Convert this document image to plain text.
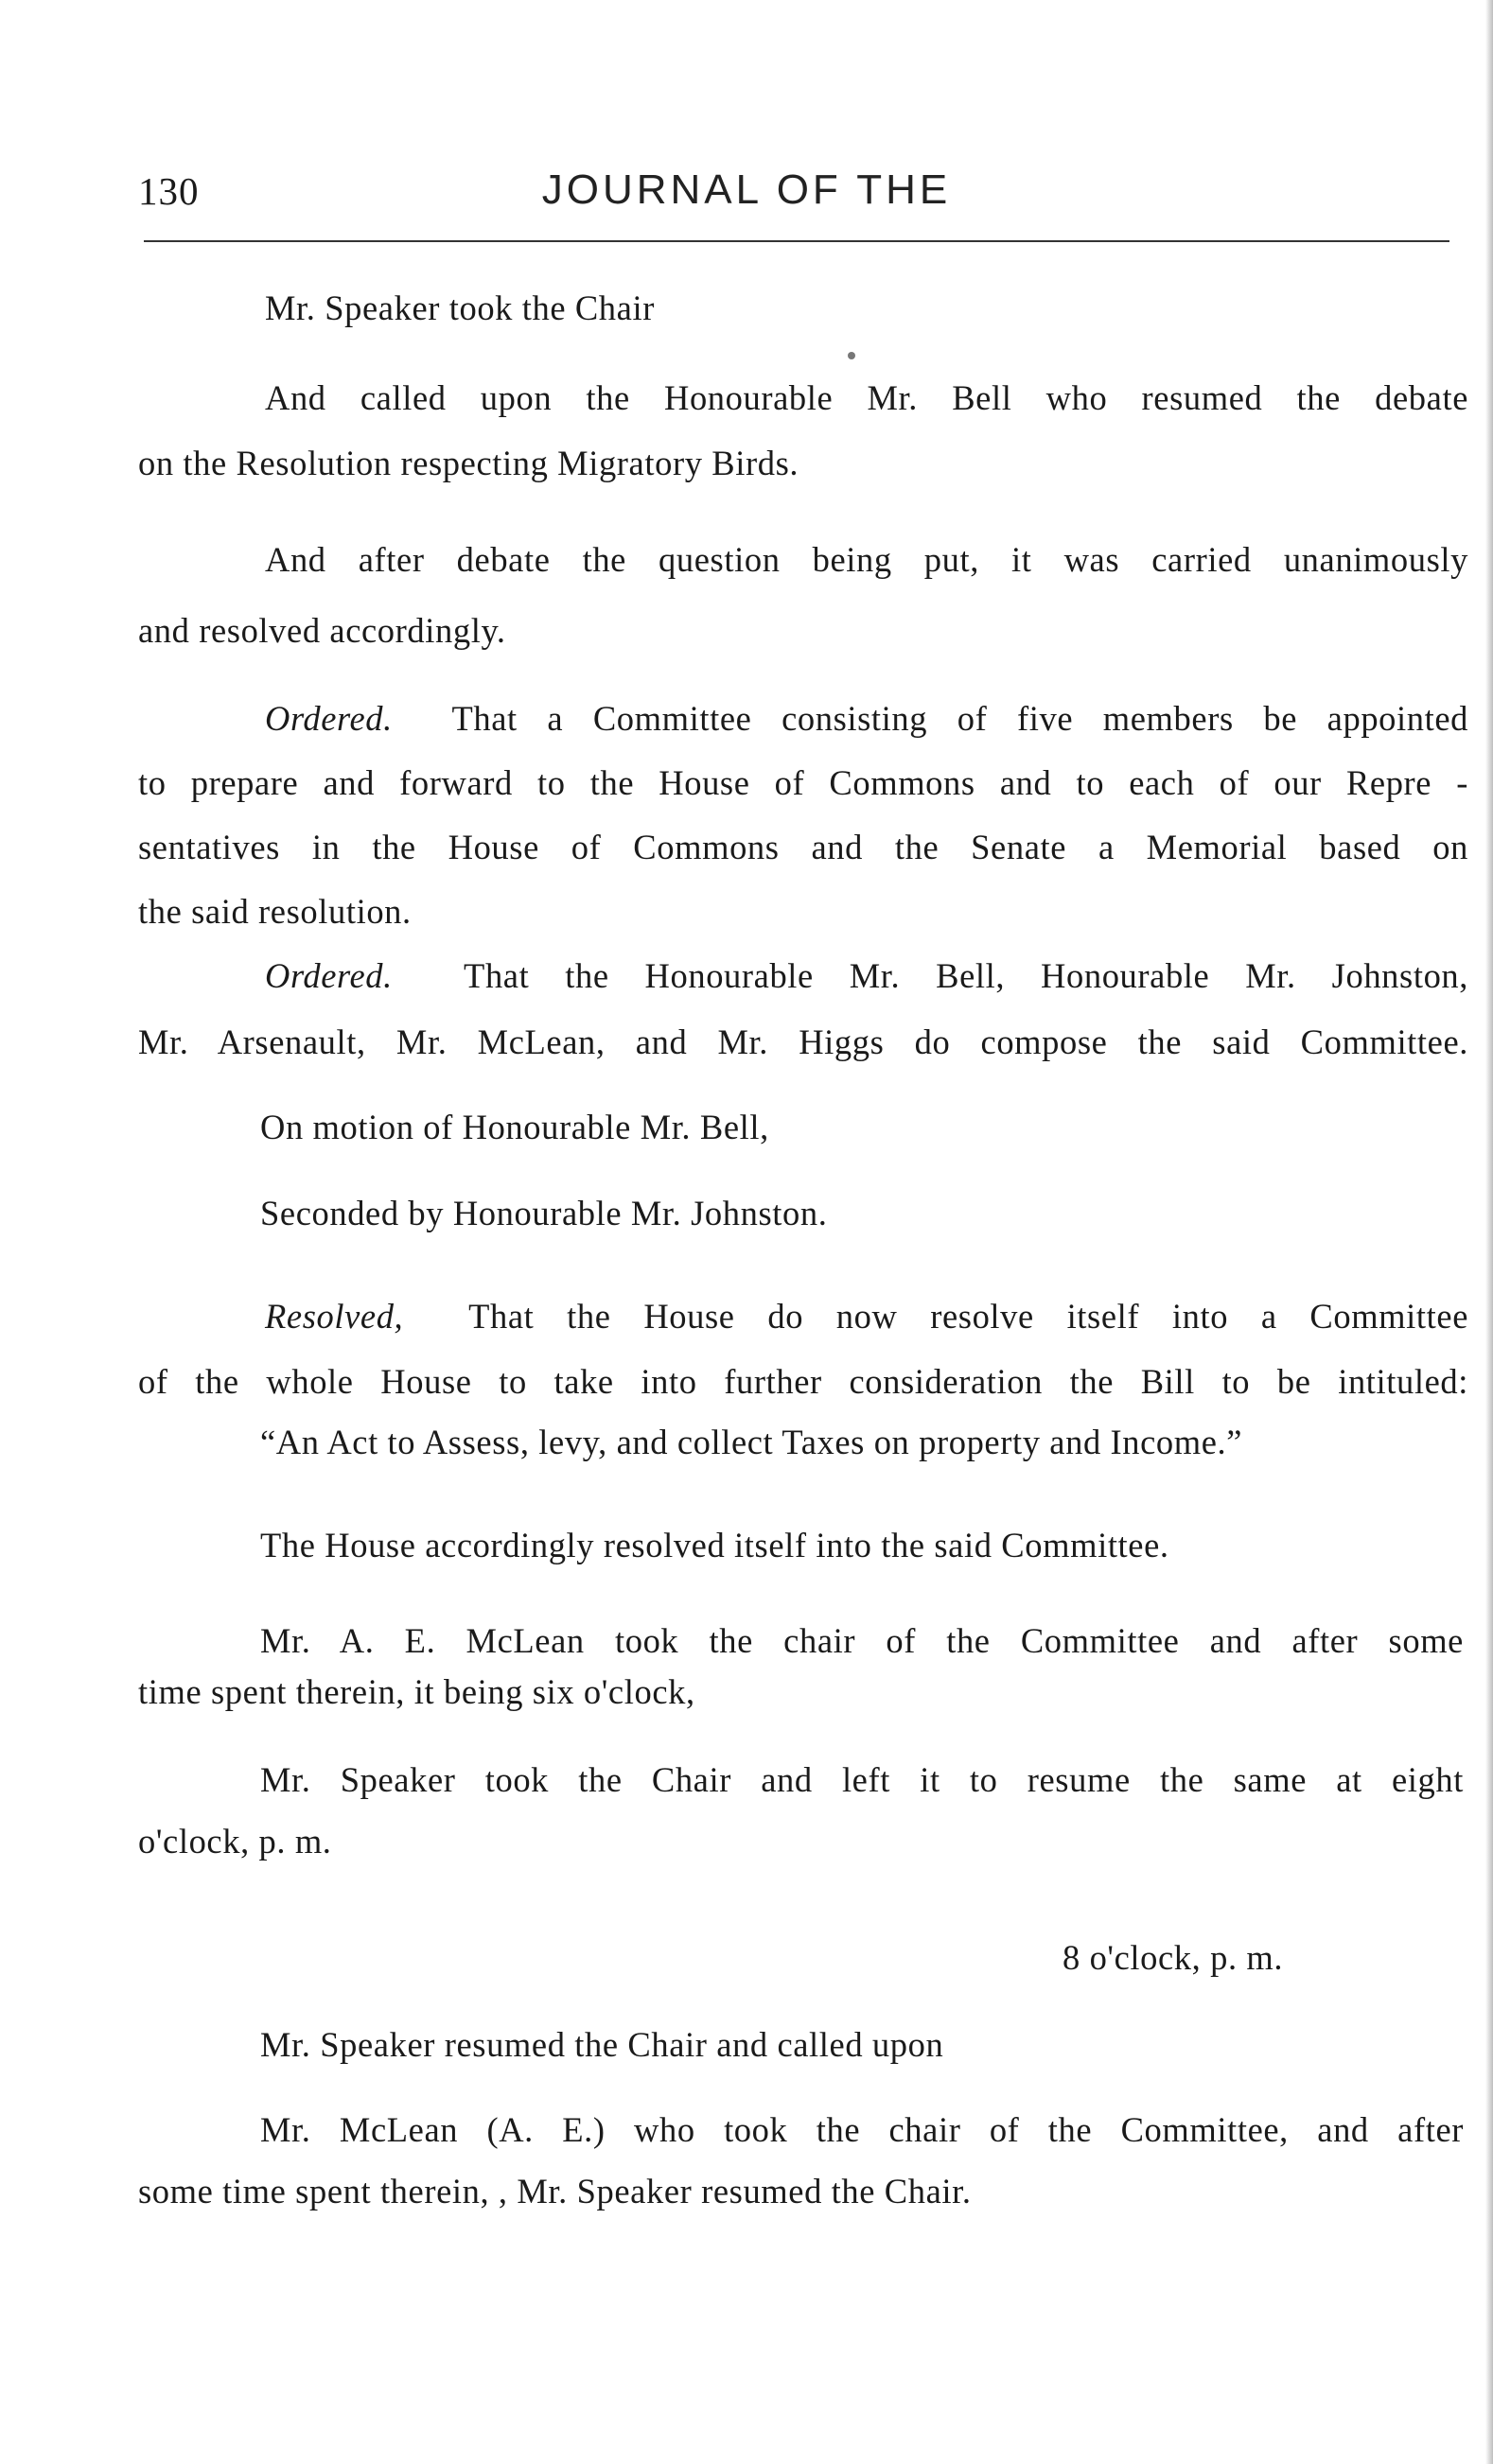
130	JOURNAL OF THE
Mr. Speaker took the Chair
And called upon the Honourable Mr. Bell who resumed the debate
on the Resolution respecting Migratory Birds.
And after debate the question being put, it was carried unanimously
and resolved accordingly.
Ordered. That a Committee consisting of five members be appointed
to prepare and forward to the House of Commons and to each of our Repre -
sentatives in the House of Commons and the Senate a Memorial based on
the said resolution.
Ordered. That the Honourable Mr. Bell, Honourable Mr. Johnston,
Mr. Arsenault, Mr. McLean, and Mr. Higgs do compose the said Committee.
On motion of Honourable Mr. Bell,
Seconded by Honourable Mr. Johnston.
Resolved, That the House do now resolve itself into a Committee
of the whole House to take into further consideration the Bill to be intituled:
“An Act to Assess, levy, and collect Taxes on property and Income.”
The House accordingly resolved itself into the said Committee.
Mr. A. E. McLean took the chair of the Committee and after some
time spent therein, it being six o'clock,
Mr. Speaker took the Chair and left it to resume the same at eight
o'clock, p. m.
8 o'clock, p. m.
Mr. Speaker resumed the Chair and called upon
Mr. McLean (A. E.) who took the chair of the Committee, and after
some time spent therein, , Mr. Speaker resumed the Chair.
